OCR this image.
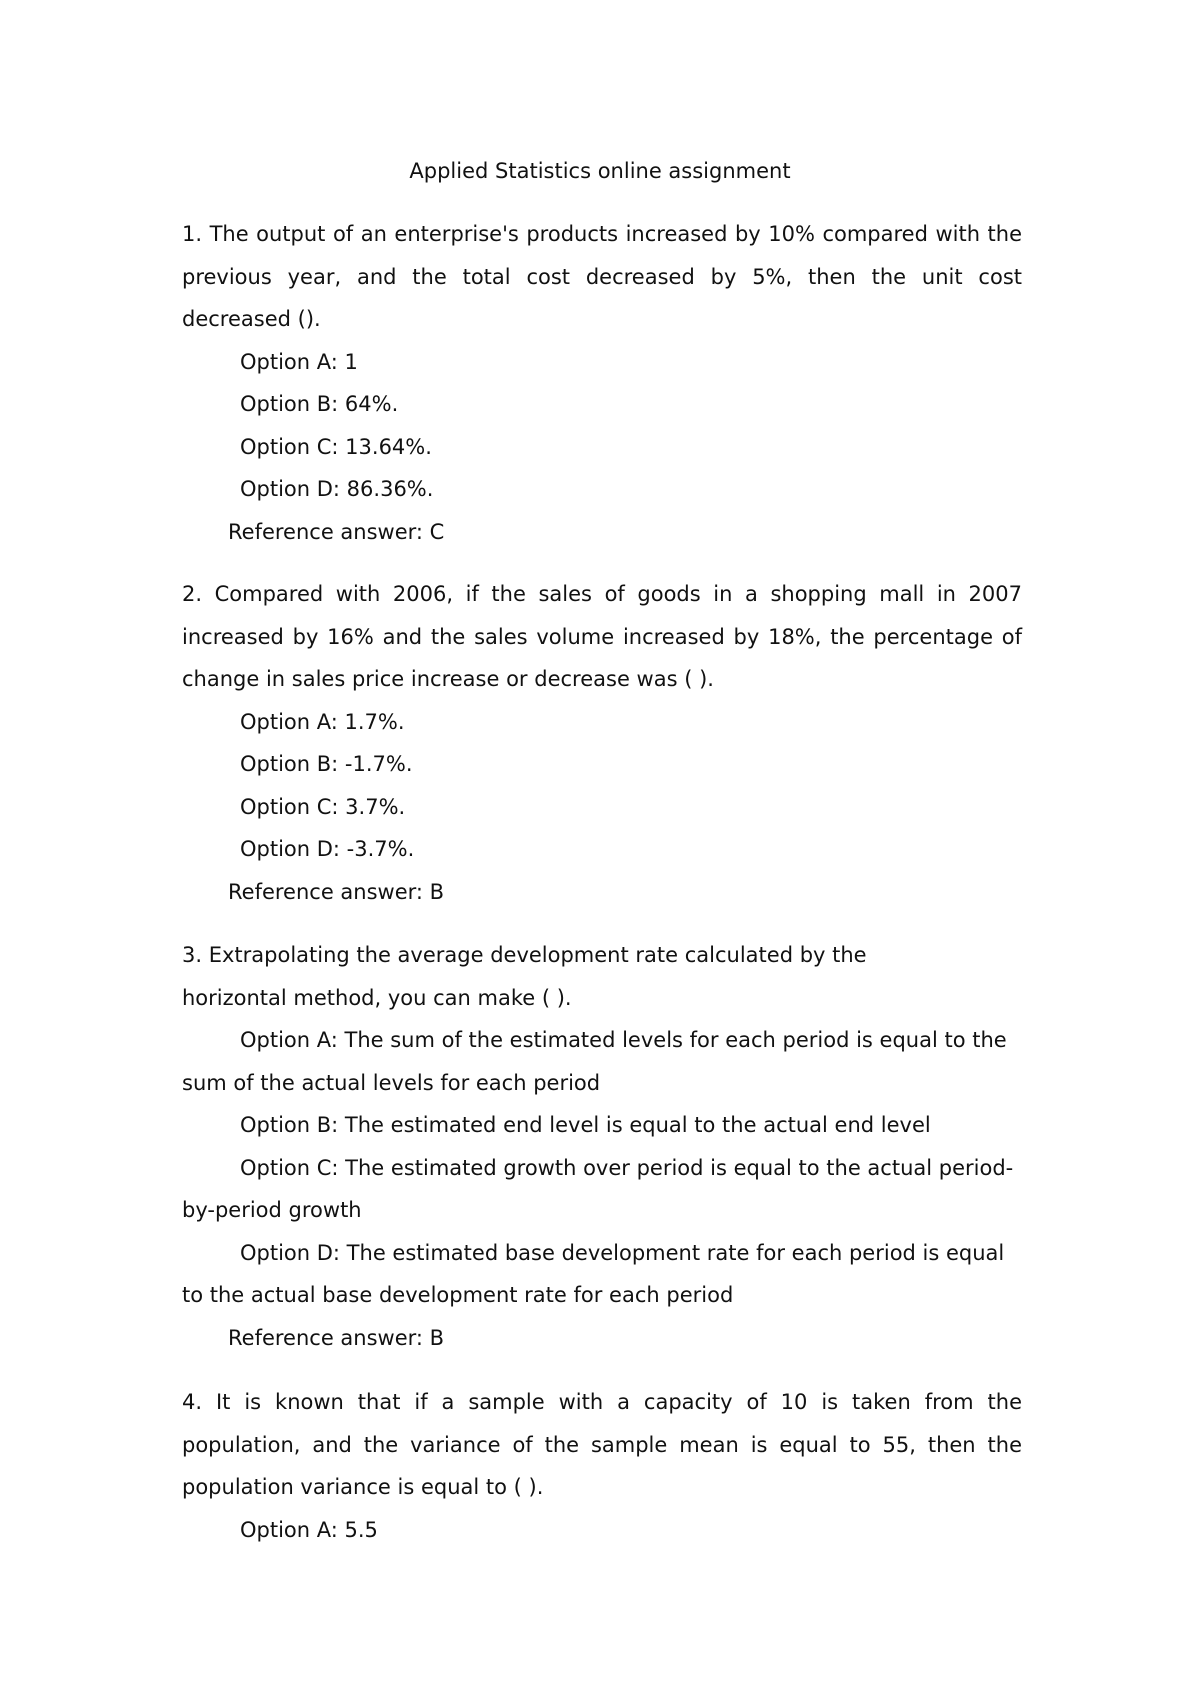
Applied Statistics online assignment

1. The output of an enterprise's products increased by 10% compared with the previous year, and the total cost decreased by 5%, then the unit cost decreased ().

Option A: 1

Option B: 64%.

Option C: 13.64%.

Option D: 86.36%.

Reference answer: C

2. Compared with 2006, if the sales of goods in a shopping mall in 2007 increased by 16% and the sales volume increased by 18%, the percentage of change in sales price increase or decrease was ( ).

Option A: 1.7%.

Option B: -1.7%.

Option C: 3.7%.

Option D: -3.7%.

Reference answer: B

3. Extrapolating the average development rate calculated by the

horizontal method, you can make ( ).

Option A: The sum of the estimated levels for each period is equal to the sum of the actual levels for each period

Option B: The estimated end level is equal to the actual end level

Option C: The estimated growth over period is equal to the actual period-by-period growth

Option D: The estimated base development rate for each period is equal to the actual base development rate for each period

Reference answer: B

4. It is known that if a sample with a capacity of 10 is taken from the population, and the variance of the sample mean is equal to 55, then the population variance is equal to ( ).

Option A: 5.5
